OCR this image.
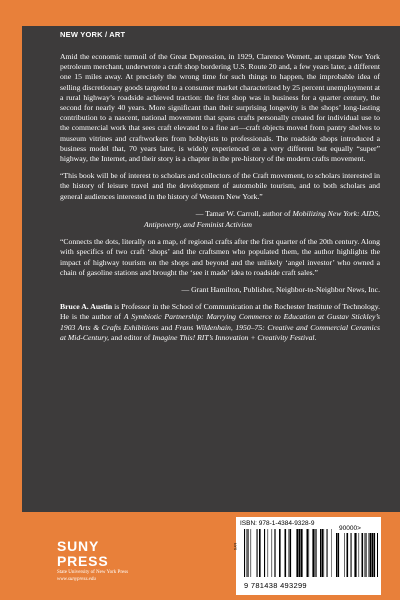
NEW YORK / ART

Amid the economic turmoil of the Great Depression, in 1929, Clarence Wemett, an upstate New York petroleum merchant, underwrote a craft shop bordering U.S. Route 20 and, a few years later, a different one 15 miles away. At precisely the wrong time for such things to happen, the improbable idea of selling discretionary goods targeted to a consumer market characterized by 25 percent unemployment at a rural highway’s roadside achieved traction: the first shop was in business for a quarter century, the second for nearly 40 years. More significant than their surprising longevity is the shops’ long-lasting contribution to a nascent, national movement that spans crafts personally created for individual use to the commercial work that sees craft elevated to a fine art—craft objects moved from pantry shelves to museum vitrines and craftworkers from hobbyists to professionals. The roadside shops introduced a business model that, 70 years later, is widely experienced on a very different but equally “super” highway, the Internet, and their story is a chapter in the pre-history of the modern crafts movement.

“This book will be of interest to scholars and collectors of the Craft movement, to scholars interested in the history of leisure travel and the development of automobile tourism, and to both scholars and general audiences interested in the history of Western New York.”

— Tamar W. Carroll, author of Mobilizing New York: AIDS,
Antipoverty, and Feminist Activism

“Connects the dots, literally on a map, of regional crafts after the first quarter of the 20th century. Along with specifics of two craft ‘shops’ and the craftsmen who populated them, the author highlights the impact of highway tourism on the shops and beyond and the unlikely ‘angel investor’ who owned a chain of gasoline stations and brought the ‘see it made’ idea to roadside craft sales.”

— Grant Hamilton, Publisher, Neighbor-to-Neighbor News, Inc.

Bruce A. Austin is Professor in the School of Communication at the Rochester Institute of Technology. He is the author of A Symbiotic Partnership: Marrying Commerce to Education at Gustav Stickley’s 1903 Arts & Crafts Exhibitions and Frans Wildenhain, 1950–75: Creative and Commercial Ceramics at Mid-Century, and editor of Imagine This! RIT’s Innovation + Creativity Festival.

SUNY
PRESS
State University of New York Press
www.sunypress.edu
ISBN: 978-1-4384-9328-9
NYS
90000>
9 781438 493299
